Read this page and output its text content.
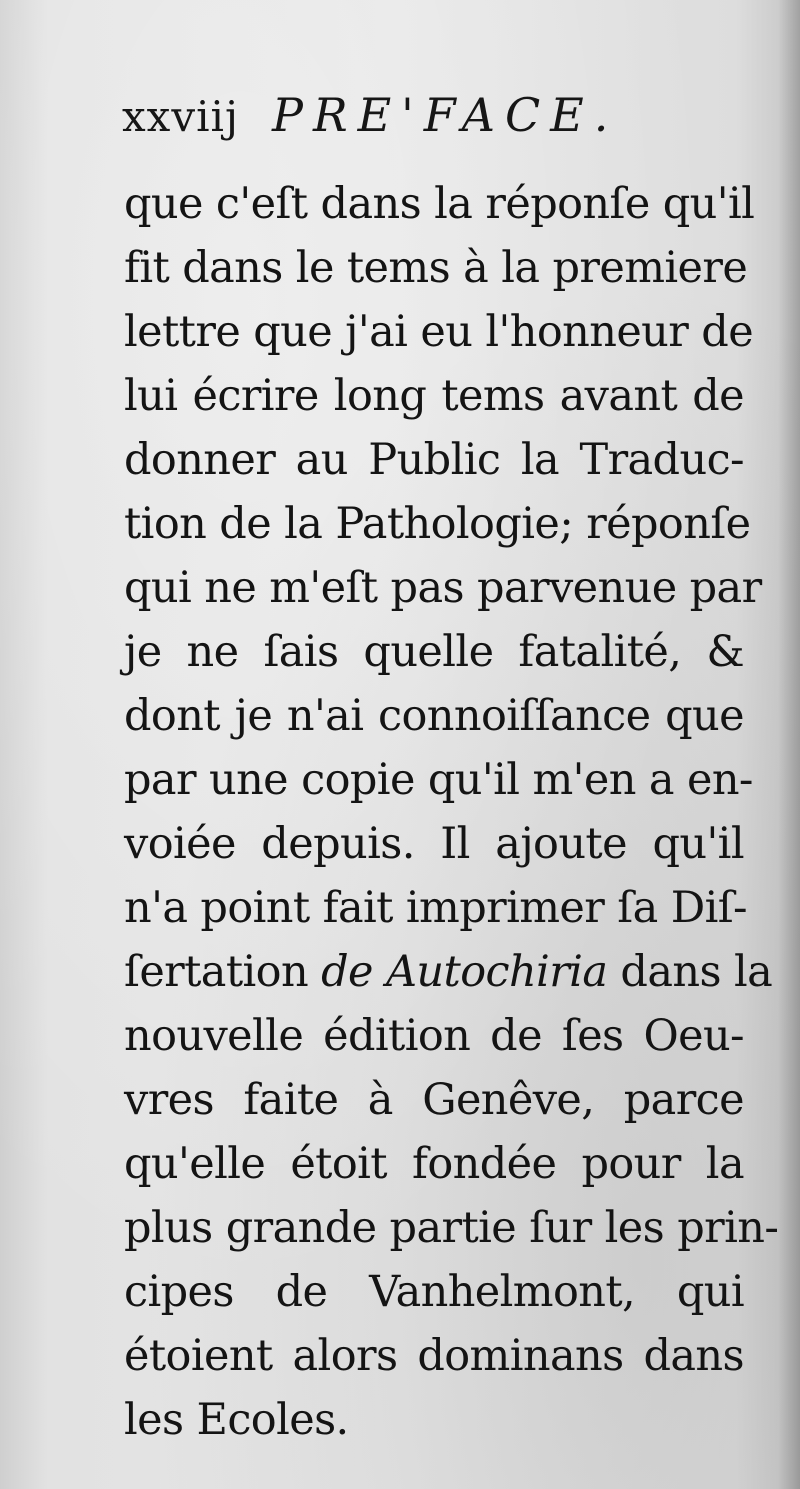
xxviij PRE'FACE.
que c'eſt dans la réponſe qu'il
fit dans le tems à la premiere
lettre que j'ai eu l'honneur de
lui écrire long tems avant de
donner au Public la Traduc-
tion de la Pathologie; réponſe
qui ne m'eſt pas parvenue par
je ne ſais quelle fatalité, &
dont je n'ai connoiſſance que
par une copie qu'il m'en a en-
voiée depuis. Il ajoute qu'il
n'a point fait imprimer ſa Diſ-
ſertation de Autochiria dans la
nouvelle édition de ſes Oeu-
vres faite à Genêve, parce
qu'elle étoit fondée pour la
plus grande partie ſur les prin-
cipes de Vanhelmont, qui
étoient alors dominans dans
les Ecoles.
